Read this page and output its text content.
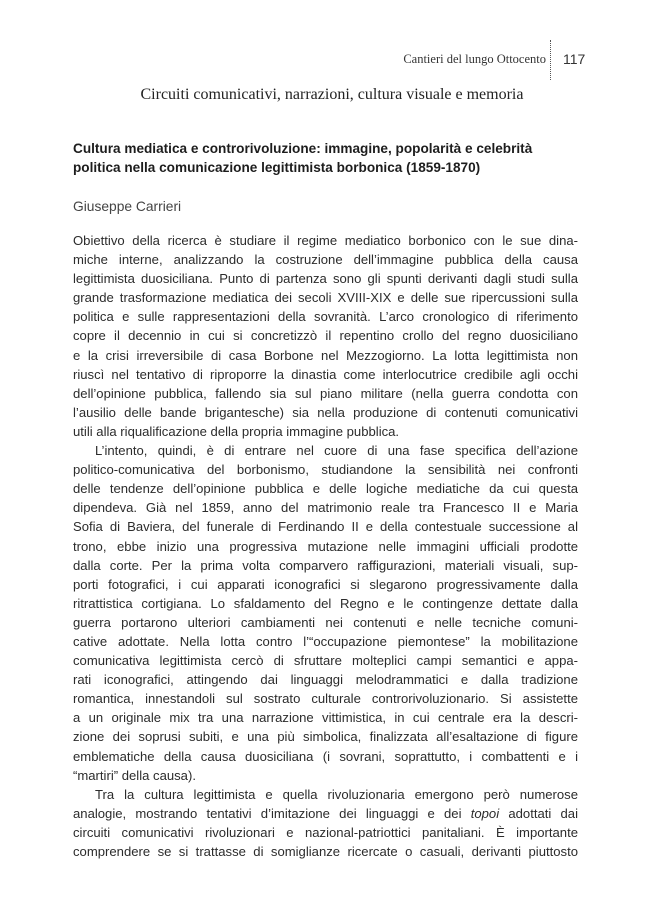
Cantieri del lungo Ottocento 117
Circuiti comunicativi, narrazioni, cultura visuale e memoria
Cultura mediatica e controrivoluzione: immagine, popolarità e celebrità
politica nella comunicazione legittimista borbonica (1859-1870)
Giuseppe Carrieri
Obiettivo della ricerca è studiare il regime mediatico borbonico con le sue dina-
miche interne, analizzando la costruzione dell’immagine pubblica della causa
legittimista duosiciliana. Punto di partenza sono gli spunti derivanti dagli studi sulla
grande trasformazione mediatica dei secoli XVIII-XIX e delle sue ripercussioni sulla
politica e sulle rappresentazioni della sovranità. L’arco cronologico di riferimento
copre il decennio in cui si concretizzò il repentino crollo del regno duosiciliano
e la crisi irreversibile di casa Borbone nel Mezzogiorno. La lotta legittimista non
riuscì nel tentativo di riproporre la dinastia come interlocutrice credibile agli occhi
dell’opinione pubblica, fallendo sia sul piano militare (nella guerra condotta con
l’ausilio delle bande brigantesche) sia nella produzione di contenuti comunicativi
utili alla riqualificazione della propria immagine pubblica.
L’intento, quindi, è di entrare nel cuore di una fase specifica dell’azione
politico-comunicativa del borbonismo, studiandone la sensibilità nei confronti
delle tendenze dell’opinione pubblica e delle logiche mediatiche da cui questa
dipendeva. Già nel 1859, anno del matrimonio reale tra Francesco II e Maria
Sofia di Baviera, del funerale di Ferdinando II e della contestuale successione al
trono, ebbe inizio una progressiva mutazione nelle immagini ufficiali prodotte
dalla corte. Per la prima volta comparvero raffigurazioni, materiali visuali, sup-
porti fotografici, i cui apparati iconografici si slegarono progressivamente dalla
ritrattistica cortigiana. Lo sfaldamento del Regno e le contingenze dettate dalla
guerra portarono ulteriori cambiamenti nei contenuti e nelle tecniche comuni-
cative adottate. Nella lotta contro l’“occupazione piemontese” la mobilitazione
comunicativa legittimista cercò di sfruttare molteplici campi semantici e appa-
rati iconografici, attingendo dai linguaggi melodrammatici e dalla tradizione
romantica, innestandoli sul sostrato culturale controrivoluzionario. Si assistette
a un originale mix tra una narrazione vittimistica, in cui centrale era la descri-
zione dei soprusi subiti, e una più simbolica, finalizzata all’esaltazione di figure
emblematiche della causa duosiciliana (i sovrani, soprattutto, i combattenti e i
“martiri” della causa).
Tra la cultura legittimista e quella rivoluzionaria emergono però numerose
analogie, mostrando tentativi d’imitazione dei linguaggi e dei topoi adottati dai
circuiti comunicativi rivoluzionari e nazional-patriottici panitaliani. È importante
comprendere se si trattasse di somiglianze ricercate o casuali, derivanti piuttosto
